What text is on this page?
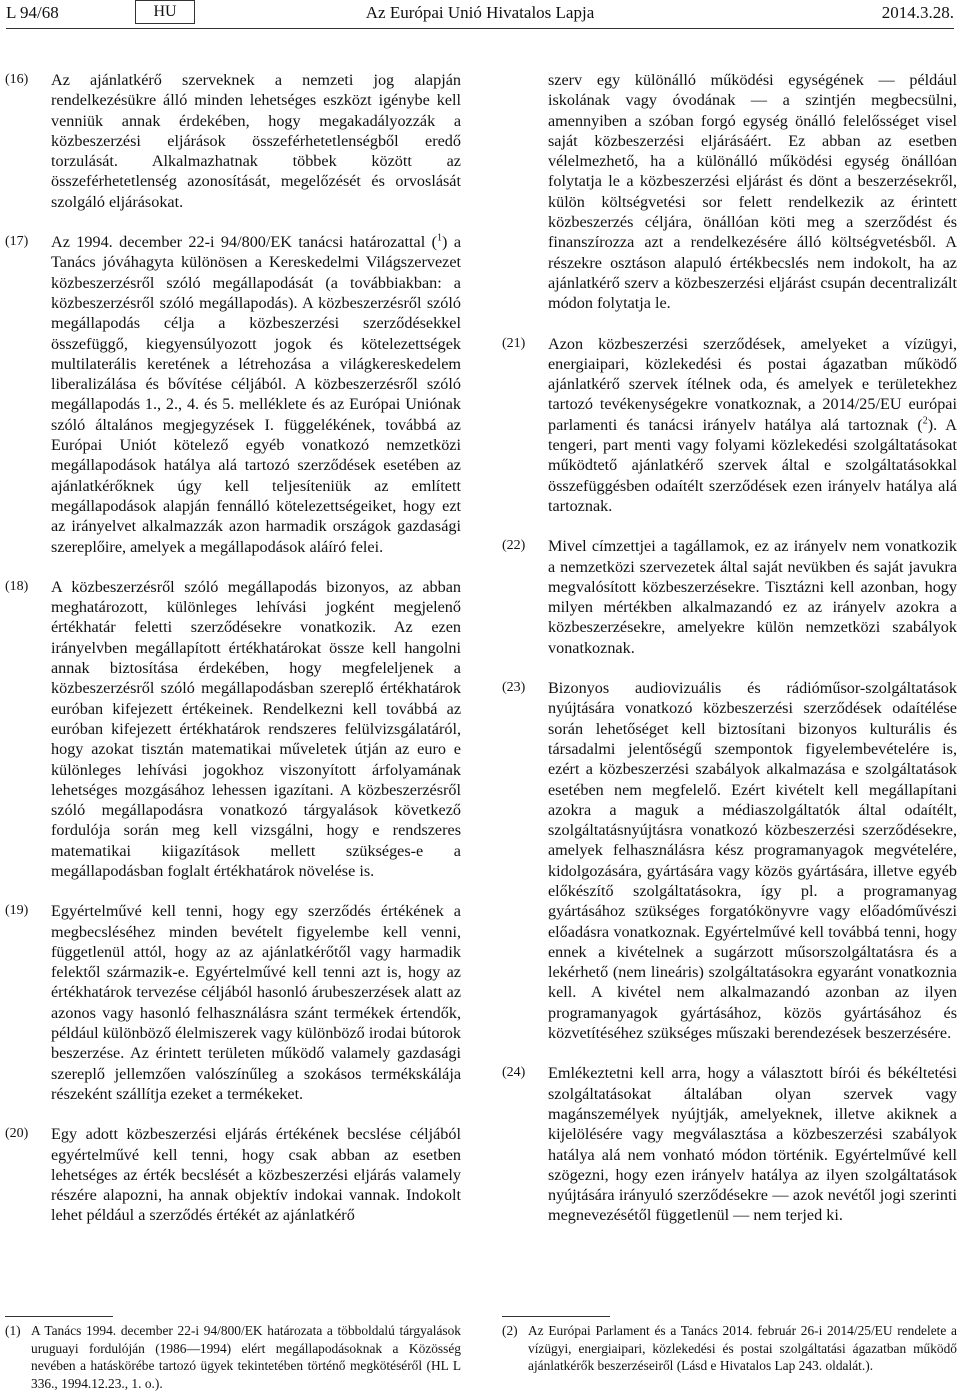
L 94/68	HU	Az Európai Unió Hivatalos Lapja	2014.3.28.
(16)	Az ajánlatkérő szerveknek a nemzeti jog alapján rendelkezésükre álló minden lehetséges eszközt igénybe kell venniük annak érdekében, hogy megakadályozzák a közbeszerzési eljárások összeférhetetlenségből eredő torzulását. Alkalmazhatnak többek között az összeférhetetlenség azonosítását, megelőzését és orvoslását szolgáló eljárásokat.
(17)	Az 1994. december 22-i 94/800/EK tanácsi határozattal ($^1$) a Tanács jóváhagyta különösen a Kereskedelmi Világszervezet közbeszerzésről szóló megállapodását (a továbbiakban: a közbeszerzésről szóló megállapodás). A közbeszerzésről szóló megállapodás célja a közbeszerzési szerződésekkel összefüggő, kiegyensúlyozott jogok és kötelezettségek multilaterális keretének a létrehozása a világkereskedelem liberalizálása és bővítése céljából. A közbeszerzésről szóló megállapodás 1., 2., 4. és 5. melléklete és az Európai Uniónak szóló általános megjegyzések I. függelékének, továbbá az Európai Uniót kötelező egyéb vonatkozó nemzetközi megállapodások hatálya alá tartozó szerződések esetében az ajánlatkérőknek úgy kell teljesíteniük az említett megállapodások alapján fennálló kötelezettségeiket, hogy ezt az irányelvet alkalmazzák azon harmadik országok gazdasági szereplőire, amelyek a megállapodások aláíró felei.
(18)	A közbeszerzésről szóló megállapodás bizonyos, az abban meghatározott, különleges lehívási jogként megjelenő értékhatár feletti szerződésekre vonatkozik. Az ezen irányelvben megállapított értékhatárokat össze kell hangolni annak biztosítása érdekében, hogy megfeleljenek a közbeszerzésről szóló megállapodásban szereplő értékhatárok euróban kifejezett értékeinek. Rendelkezni kell továbbá az euróban kifejezett értékhatárok rendszeres felülvizsgálatáról, hogy azokat tisztán matematikai műveletek útján az euro e különleges lehívási jogokhoz viszonyított árfolyamának lehetséges mozgásához lehessen igazítani. A közbeszerzésről szóló megállapodásra vonatkozó tárgyalások következő fordulója során meg kell vizsgálni, hogy e rendszeres matematikai kiigazítások mellett szükséges-e a megállapodásban foglalt értékhatárok növelése is.
(19)	Egyértelművé kell tenni, hogy egy szerződés értékének a megbecsléséhez minden bevételt figyelembe kell venni, függetlenül attól, hogy az az ajánlatkérőtől vagy harmadik felektől származik-e. Egyértelművé kell tenni azt is, hogy az értékhatárok tervezése céljából hasonló árubeszerzések alatt az azonos vagy hasonló felhasználásra szánt termékek értendők, például különböző élelmiszerek vagy különböző irodai bútorok beszerzése. Az érintett területen működő valamely gazdasági szereplő jellemzően valószínűleg a szokásos termékskálája részeként szállítja ezeket a termékeket.
(20)	Egy adott közbeszerzési eljárás értékének becslése céljából egyértelművé kell tenni, hogy csak abban az esetben lehetséges az érték becslését a közbeszerzési eljárás valamely részére alapozni, ha annak objektív indokai vannak. Indokolt lehet például a szerződés értékét az ajánlatkérő
szerv egy különálló működési egységének — például iskolának vagy óvodának — a szintjén megbecsülni, amennyiben a szóban forgó egység önálló felelősséget visel saját közbeszerzési eljárásáért. Ez abban az esetben vélelmezhető, ha a különálló működési egység önállóan folytatja le a közbeszerzési eljárást és dönt a beszerzésekről, külön költségvetési sor felett rendelkezik az érintett közbeszerzés céljára, önállóan köti meg a szerződést és finanszírozza azt a rendelkezésére álló költségvetésből. A részekre osztáson alapuló értékbecslés nem indokolt, ha az ajánlatkérő szerv a közbeszerzési eljárást csupán decentralizált módon folytatja le.
(21)	Azon közbeszerzési szerződések, amelyeket a vízügyi, energiaipari, közlekedési és postai ágazatban működő ajánlatkérő szervek ítélnek oda, és amelyek e területekhez tartozó tevékenységekre vonatkoznak, a 2014/25/EU európai parlamenti és tanácsi irányelv hatálya alá tartoznak ($^2$). A tengeri, part menti vagy folyami közlekedési szolgáltatásokat működtető ajánlatkérő szervek által e szolgáltatásokkal összefüggésben odaítélt szerződések ezen irányelv hatálya alá tartoznak.
(22)	Mivel címzettjei a tagállamok, ez az irányelv nem vonatkozik a nemzetközi szervezetek által saját nevükben és saját javukra megvalósított közbeszerzésekre. Tisztázni kell azonban, hogy milyen mértékben alkalmazandó ez az irányelv azokra a közbeszerzésekre, amelyekre külön nemzetközi szabályok vonatkoznak.
(23)	Bizonyos audiovizuális és rádióműsor-szolgáltatások nyújtására vonatkozó közbeszerzési szerződések odaítélése során lehetőséget kell biztosítani bizonyos kulturális és társadalmi jelentőségű szempontok figyelembevételére is, ezért a közbeszerzési szabályok alkalmazása e szolgáltatások esetében nem megfelelő. Ezért kivételt kell megállapítani azokra a maguk a médiaszolgáltatók által odaítélt, szolgáltatásnyújtásra vonatkozó közbeszerzési szerződésekre, amelyek felhasználásra kész programanyagok megvételére, kidolgozására, gyártására vagy közös gyártására, illetve egyéb előkészítő szolgáltatásokra, így pl. a programanyag gyártásához szükséges forgatókönyvre vagy előadóművészi előadásra vonatkoznak. Egyértelművé kell továbbá tenni, hogy ennek a kivételnek a sugárzott műsorszolgáltatásra és a lekérhető (nem lineáris) szolgáltatásokra egyaránt vonatkoznia kell. A kivétel nem alkalmazandó azonban az ilyen programanyagok gyártásához, közös gyártásához és közvetítéséhez szükséges műszaki berendezések beszerzésére.
(24)	Emlékeztetni kell arra, hogy a választott bírói és békéltetési szolgáltatásokat általában olyan szervek vagy magánszemélyek nyújtják, amelyeknek, illetve akiknek a kijelölésére vagy megválasztása a közbeszerzési szabályok hatálya alá nem vonható módon történik. Egyértelművé kell szögezni, hogy ezen irányelv hatálya az ilyen szolgáltatások nyújtására irányuló szerződésekre — azok nevétől jogi szerinti megnevezésétől függetlenül — nem terjed ki.
(1) A Tanács 1994. december 22-i 94/800/EK határozata a többoldalú tárgyalások uruguayi fordulóján (1986—1994) elért megállapodásoknak a Közösség nevében a hatáskörébe tartozó ügyek tekintetében történő megkötéséről (HL L 336., 1994.12.23., 1. o.).
(2) Az Európai Parlament és a Tanács 2014. február 26-i 2014/25/EU rendelete a vízügyi, energiaipari, közlekedési és postai szolgáltatási ágazatban működő ajánlatkérők beszerzéseiről (Lásd e Hivatalos Lap 243. oldalát.).
